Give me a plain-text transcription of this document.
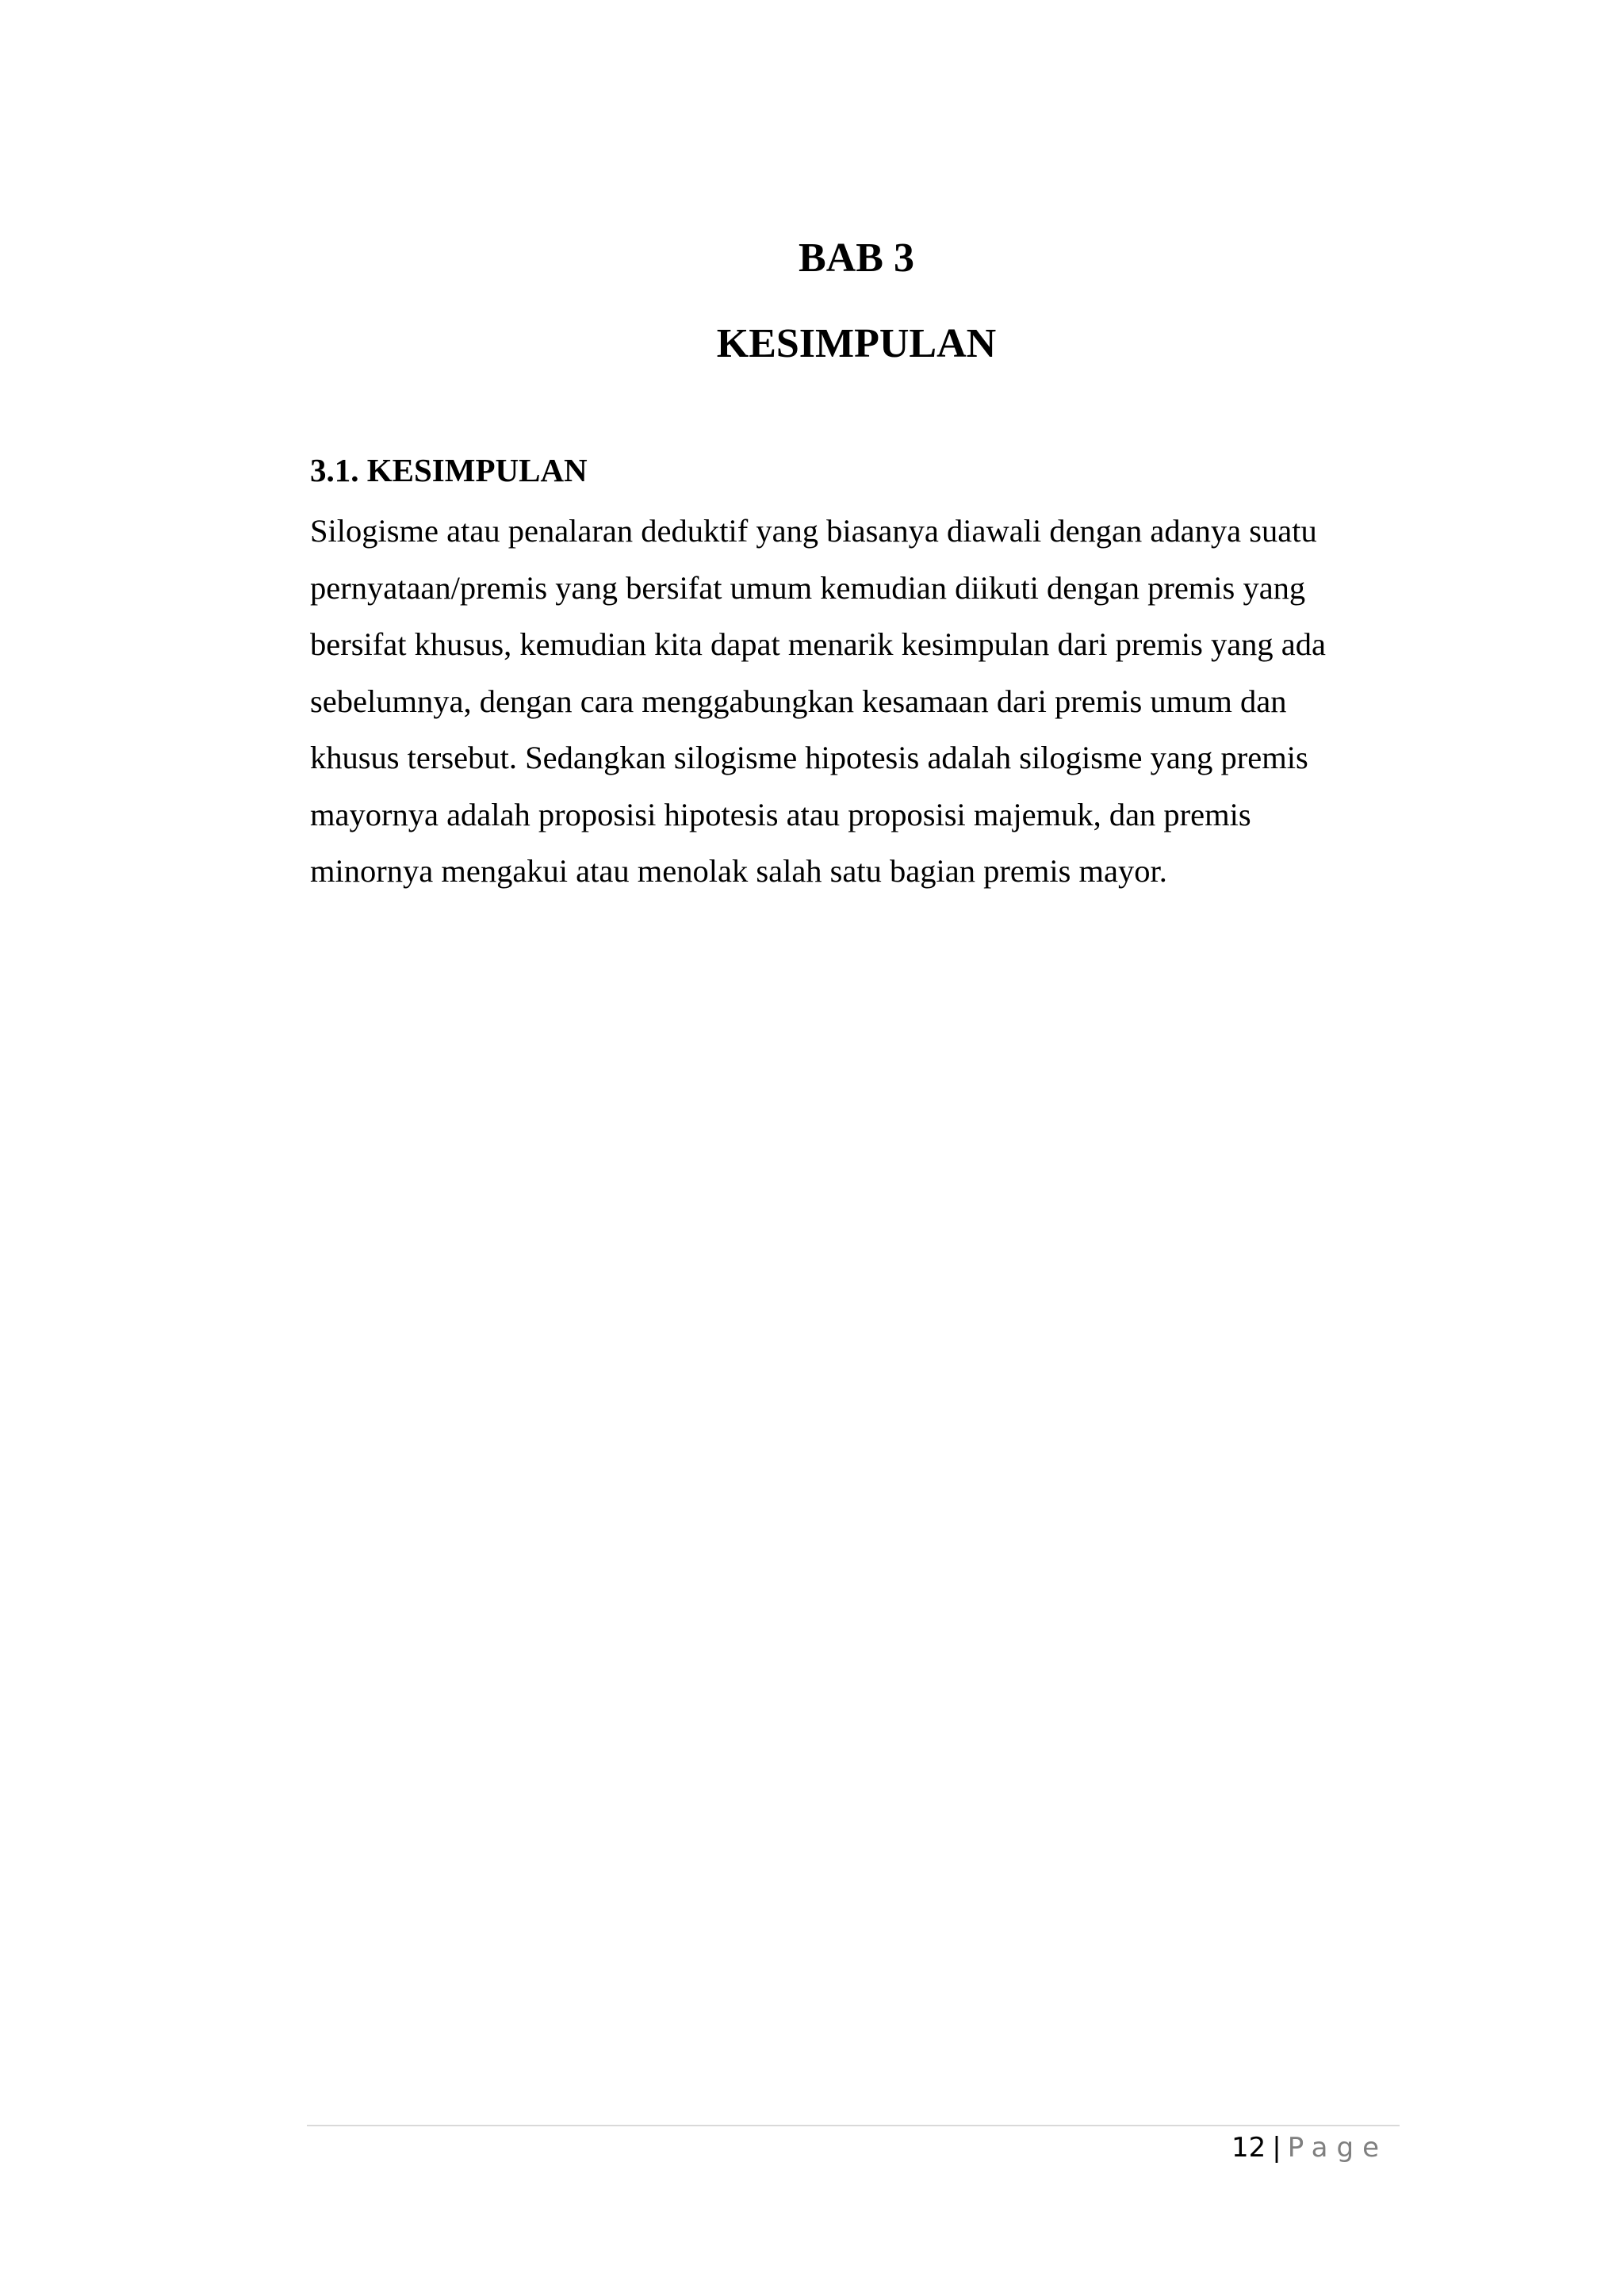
BAB 3
KESIMPULAN
3.1. KESIMPULAN

Silogisme atau penalaran deduktif yang biasanya diawali dengan adanya suatu
pernyataan/premis yang bersifat umum kemudian diikuti dengan premis yang
bersifat khusus, kemudian kita dapat menarik kesimpulan dari premis yang ada
sebelumnya, dengan cara menggabungkan kesamaan dari premis umum dan
khusus tersebut. Sedangkan silogisme hipotesis adalah silogisme yang premis
mayornya adalah proposisi hipotesis atau proposisi majemuk, dan premis
minornya mengakui atau menolak salah satu bagian premis mayor.

12 | Page
